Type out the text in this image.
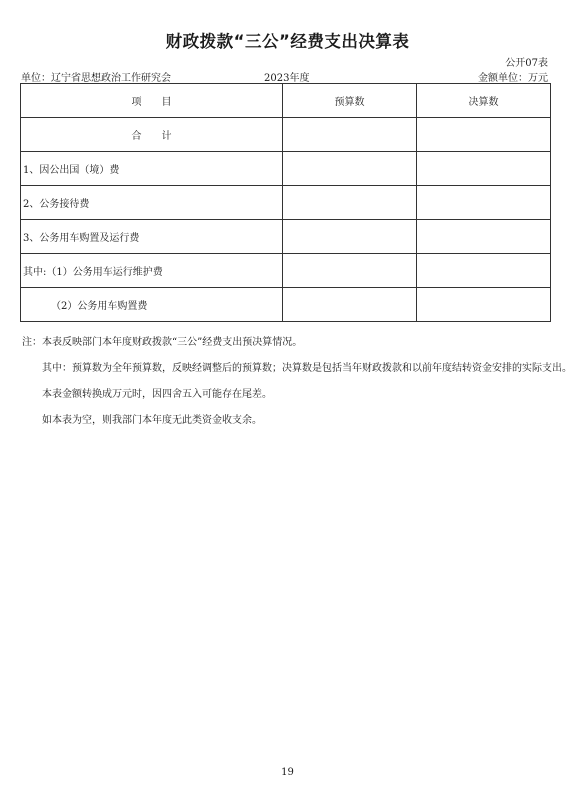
财政拨款“三公”经费支出决算表
公开07表
单位：辽宁省思想政治工作研究会	2023年度	金额单位：万元
项　　目	预算数	决算数
合　　计		
1、因公出国（境）费		
2、公务接待费		
3、公务用车购置及运行费		
其中:（1）公务用车运行维护费		
（2）公务用车购置费		
注：本表反映部门本年度财政拨款“三公”经费支出预决算情况。
其中：预算数为全年预算数，反映经调整后的预算数；决算数是包括当年财政拨款和以前年度结转资金安排的实际支出。
本表金额转换成万元时，因四舍五入可能存在尾差。
如本表为空，则我部门本年度无此类资金收支余。
19
